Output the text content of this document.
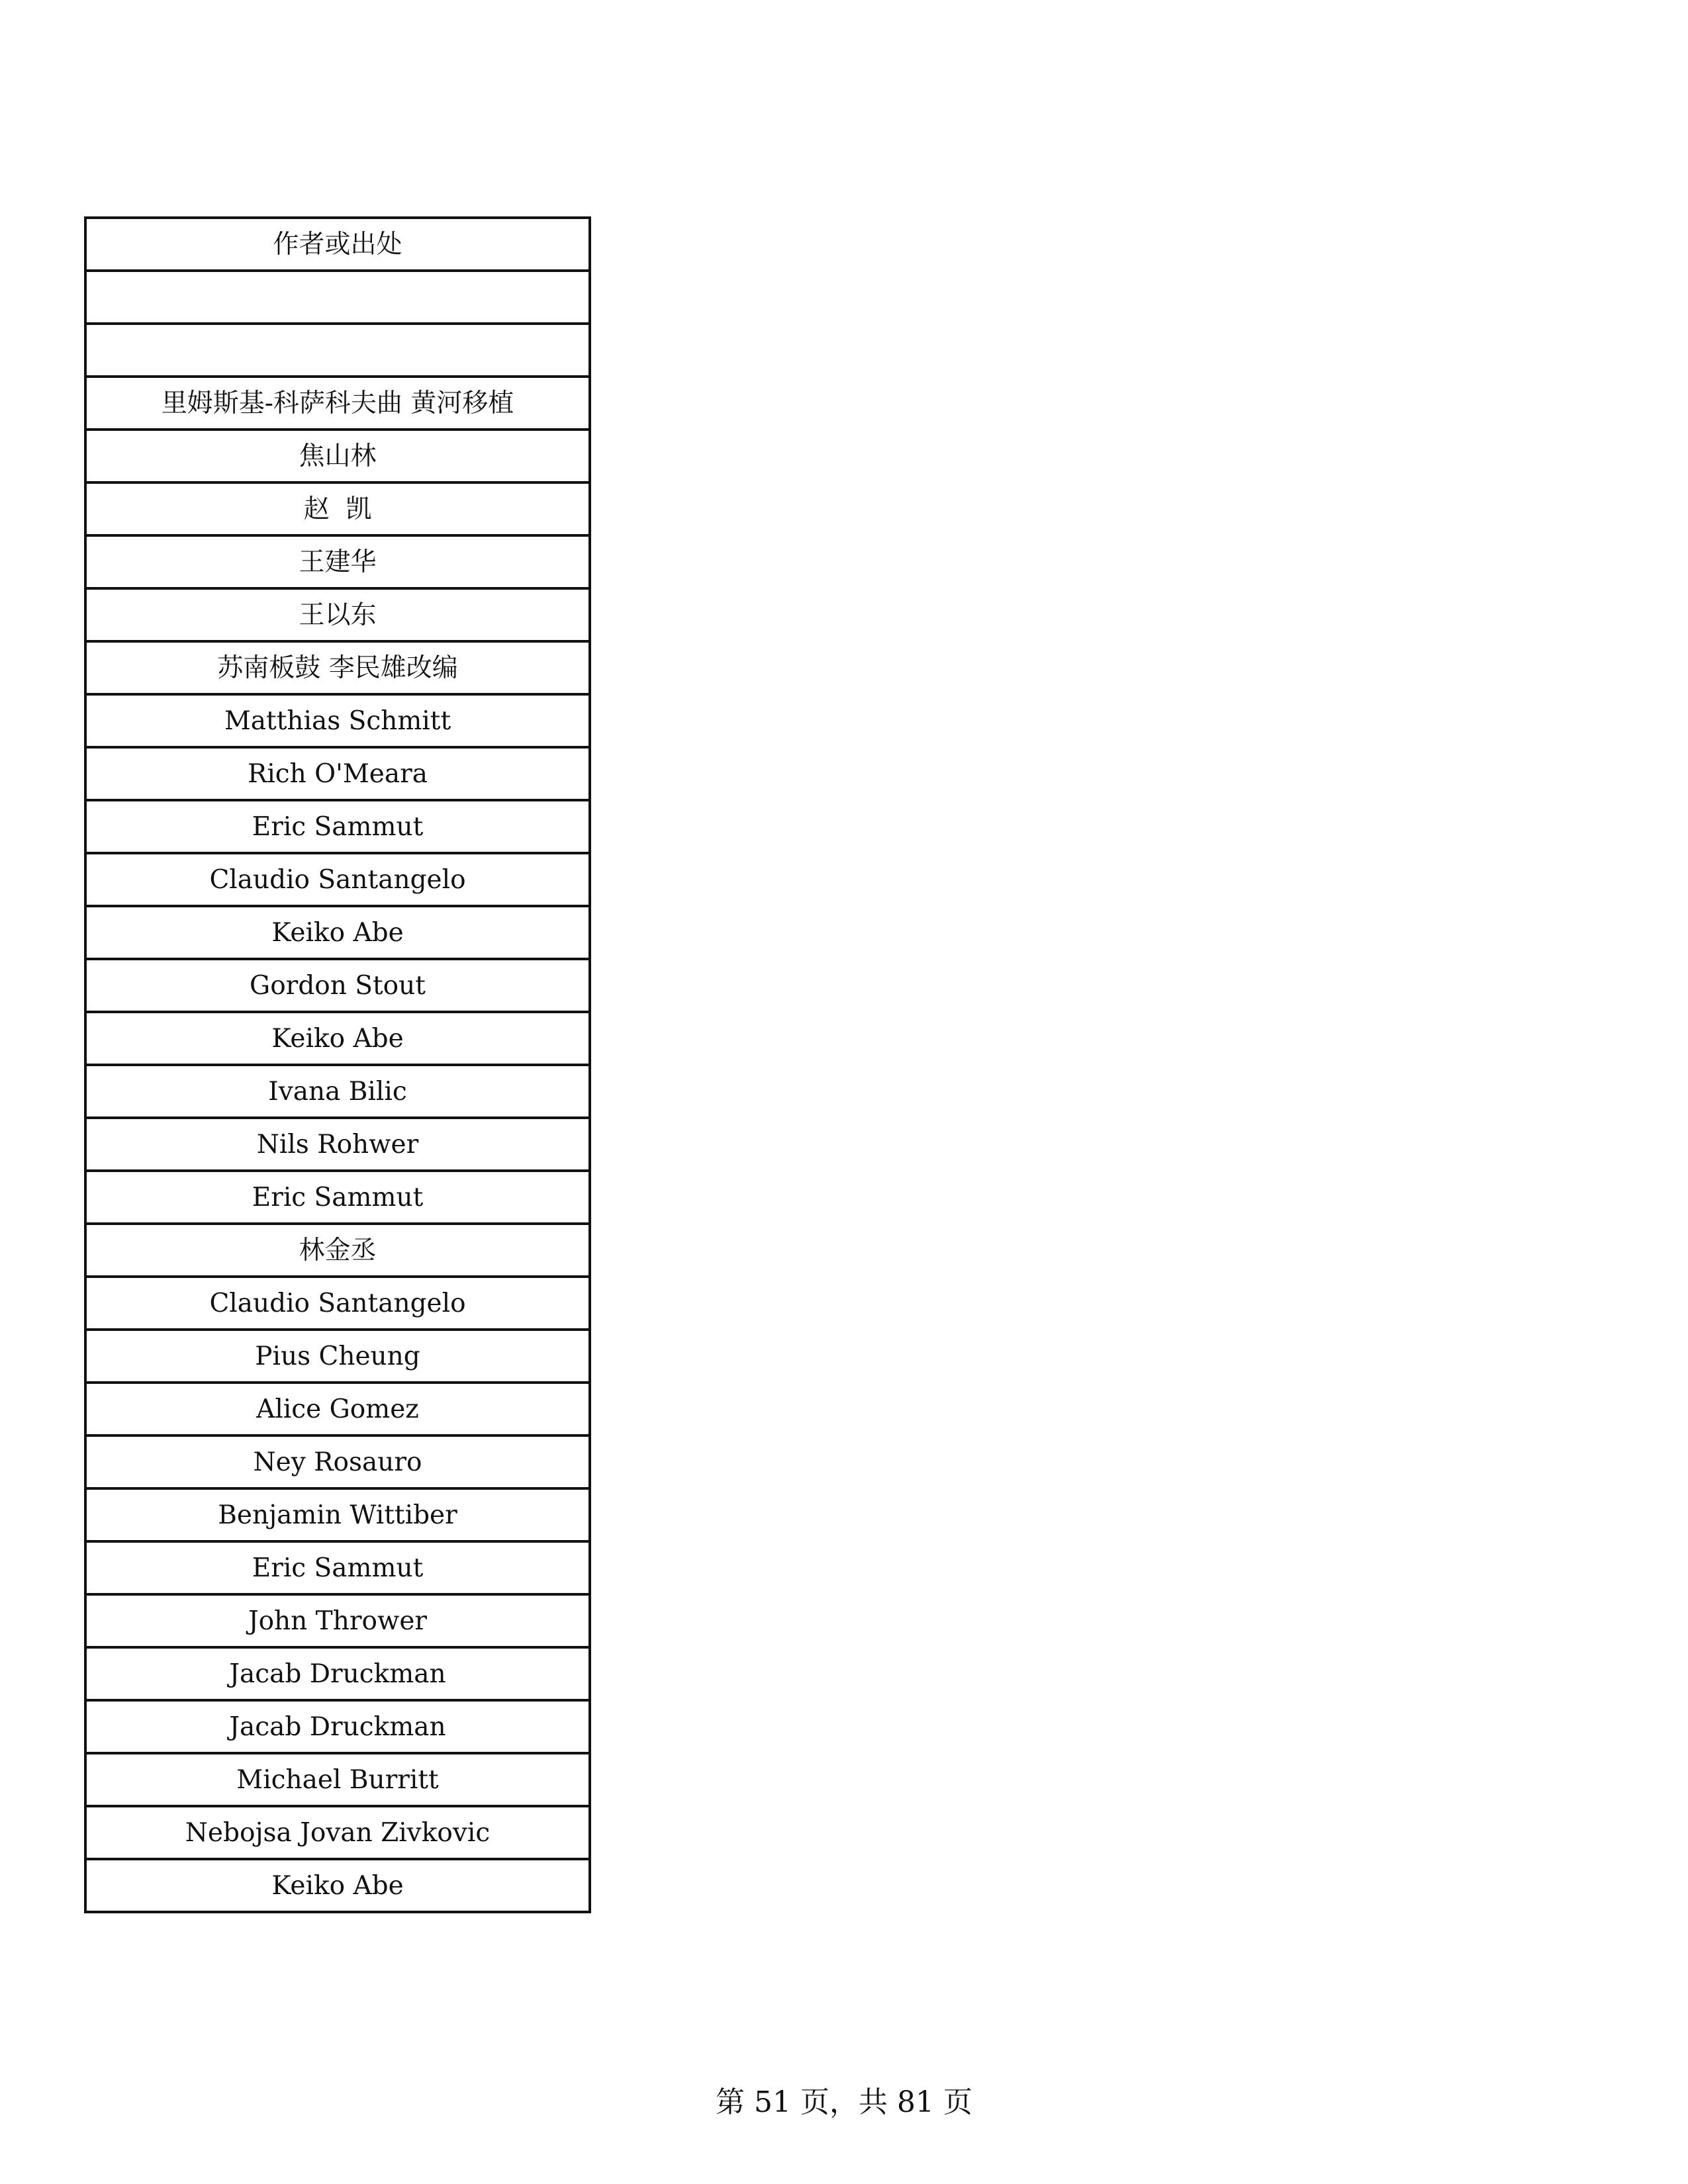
作者或出处

里姆斯基-科萨科夫曲 黄河移植
焦山林
赵  凯
王建华
王以东
苏南板鼓 李民雄改编
Matthias Schmitt
Rich O'Meara
Eric Sammut
Claudio Santangelo
Keiko Abe
Gordon Stout
Keiko Abe
Ivana Bilic
Nils Rohwer
Eric Sammut
林金丞
Claudio Santangelo
Pius Cheung
Alice Gomez
Ney Rosauro
Benjamin Wittiber
Eric Sammut
John Thrower
Jacab Druckman
Jacab Druckman
Michael Burritt
Nebojsa Jovan Zivkovic
Keiko Abe
第 51 页，共 81 页
